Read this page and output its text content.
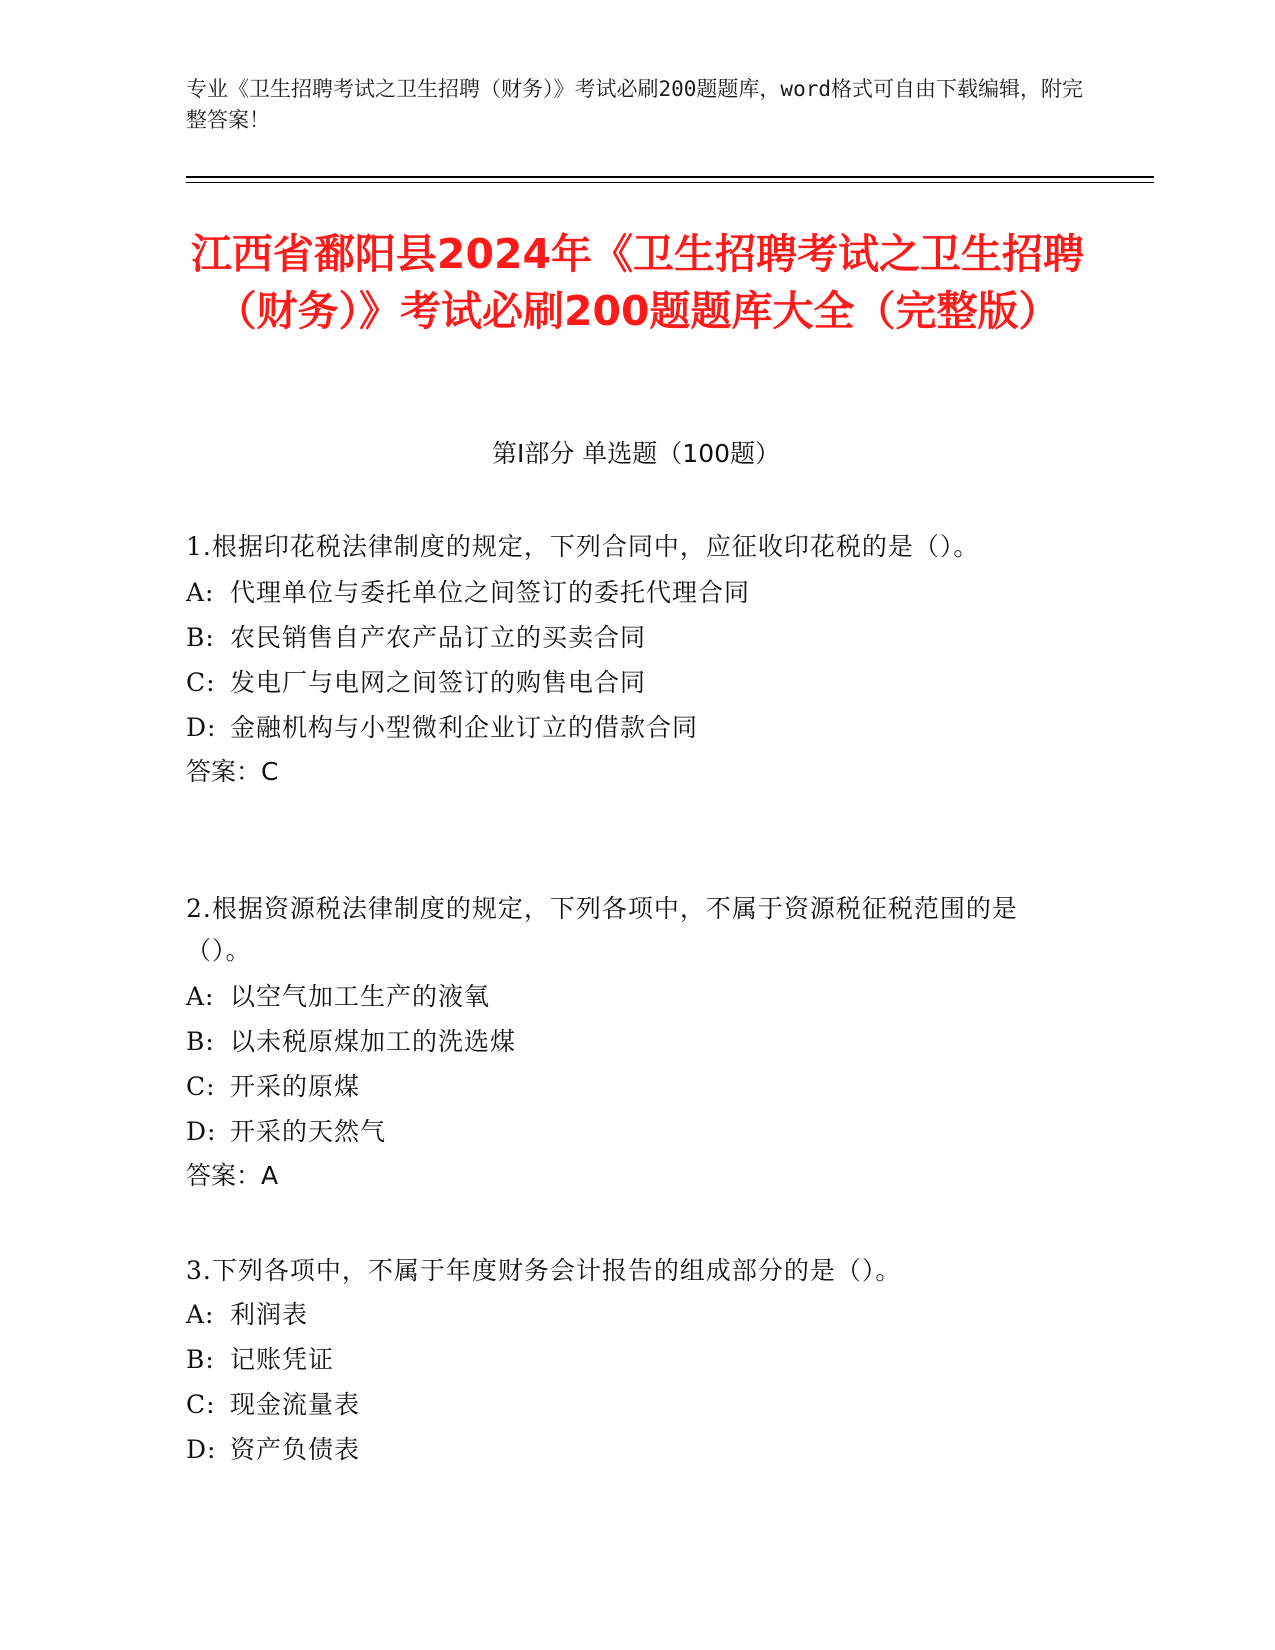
专业《卫生招聘考试之卫生招聘（财务）》考试必刷200题题库，word格式可自由下载编辑，附完整答案！
江西省鄱阳县2024年《卫生招聘考试之卫生招聘（财务）》考试必刷200题题库大全（完整版）
第Ⅰ部分 单选题（100题）

1.根据印花税法律制度的规定，下列合同中，应征收印花税的是（）。

A: 代理单位与委托单位之间签订的委托代理合同

B: 农民销售自产农产品订立的买卖合同

C: 发电厂与电网之间签订的购售电合同

D: 金融机构与小型微利企业订立的借款合同

答案：C

2.根据资源税法律制度的规定，下列各项中，不属于资源税征税范围的是（）。

A: 以空气加工生产的液氧

B: 以未税原煤加工的洗选煤

C: 开采的原煤

D: 开采的天然气

答案：A

3.下列各项中，不属于年度财务会计报告的组成部分的是（）。

A: 利润表

B: 记账凭证

C: 现金流量表

D: 资产负债表
